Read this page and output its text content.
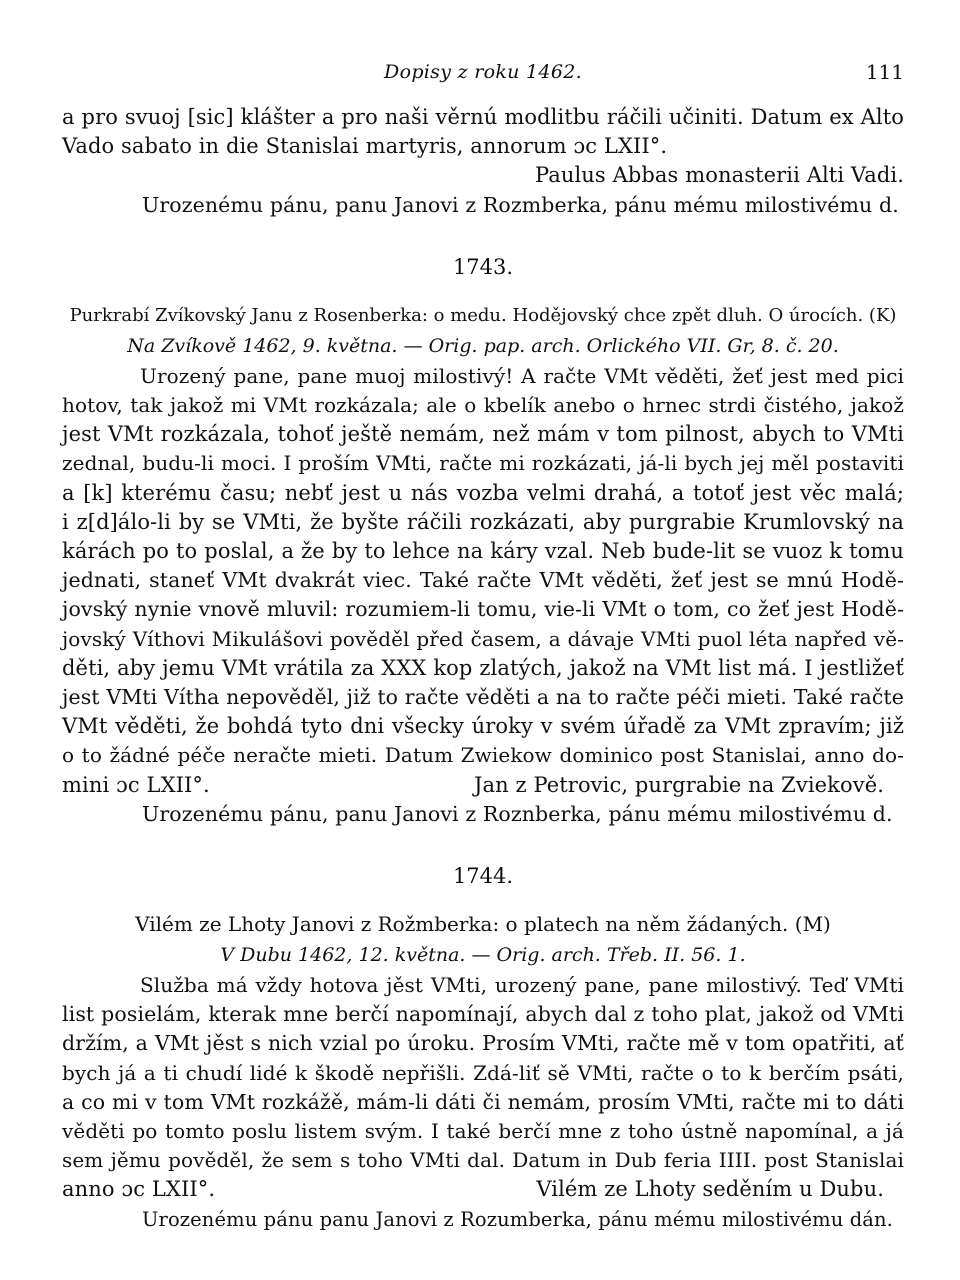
Dopisy z roku 1462.	111
a pro svuoj [sic] klášter a pro naši věrnú modlitbu ráčili učiniti. Datum ex Alto
Vado sabato in die Stanislai martyris, annorum ɔc LXII°.
Paulus Abbas monasterii Alti Vadi.
Urozenému pánu, panu Janovi z Rozmberka, pánu mému milostivému d.
1743.
Purkrabí Zvíkovský Janu z Rosenberka: o medu. Hodějovský chce zpět dluh. O úrocích. (K)
Na Zvíkově 1462, 9. května. — Orig. pap. arch. Orlického VII. Gr, 8. č. 20.
Urozený pane, pane muoj milostivý! A račte VMt věděti, žeť jest med pici
hotov, tak jakož mi VMt rozkázala; ale o kbelík anebo o hrnec strdi čistého, jakož
jest VMt rozkázala, tohoť ještě nemám, než mám v tom pilnost, abych to VMti
zednal, budu-li moci. I proším VMti, račte mi rozkázati, já-li bych jej měl postaviti
a [k] kterému času; nebť jest u nás vozba velmi drahá, a totoť jest věc malá;
i z[d]álo-li by se VMti, že byšte ráčili rozkázati, aby purgrabie Krumlovský na
kárách po to poslal, a že by to lehce na káry vzal. Neb bude-lit se vuoz k tomu
jednati, staneť VMt dvakrát viec. Také račte VMt věděti, žeť jest se mnú Hodě-
jovský nynie vnově mluvil: rozumiem-li tomu, vie-li VMt o tom, co žeť jest Hodě-
jovský Víthovi Mikulášovi pověděl před časem, a dávaje VMti puol léta napřed vě-
děti, aby jemu VMt vrátila za XXX kop zlatých, jakož na VMt list má. I jestližeť
jest VMti Vítha nepověděl, již to račte věděti a na to račte péči mieti. Také račte
VMt věděti, že bohdá tyto dni všecky úroky v svém úřadě za VMt zpravím; již
o to žádné péče neračte mieti. Datum Zwiekow dominico post Stanislai, anno do-
mini ɔc LXII°.	Jan z Petrovic, purgrabie na Zviekově.
Urozenému pánu, panu Janovi z Roznberka, pánu mému milostivému d.
1744.
Vilém ze Lhoty Janovi z Rožmberka: o platech na něm žádaných. (M)
V Dubu 1462, 12. května. — Orig. arch. Třeb. II. 56. 1.
Služba má vždy hotova jěst VMti, urozený pane, pane milostivý. Teď VMti
list posielám, kterak mne berčí napomínají, abych dal z toho plat, jakož od VMti
držím, a VMt jěst s nich vzial po úroku. Prosím VMti, račte mě v tom opatřiti, ať
bych já a ti chudí lidé k škodě nepřišli. Zdá-liť sě VMti, račte o to k berčím psáti,
a co mi v tom VMt rozkážě, mám-li dáti či nemám, prosím VMti, račte mi to dáti
věděti po tomto poslu listem svým. I také berčí mne z toho ústně napomínal, a já
sem jěmu pověděl, že sem s toho VMti dal. Datum in Dub feria IIII. post Stanislai
anno ɔc LXII°.	Vilém ze Lhoty seděním u Dubu.
Urozenému pánu panu Janovi z Rozumberka, pánu mému milostivému dán.
